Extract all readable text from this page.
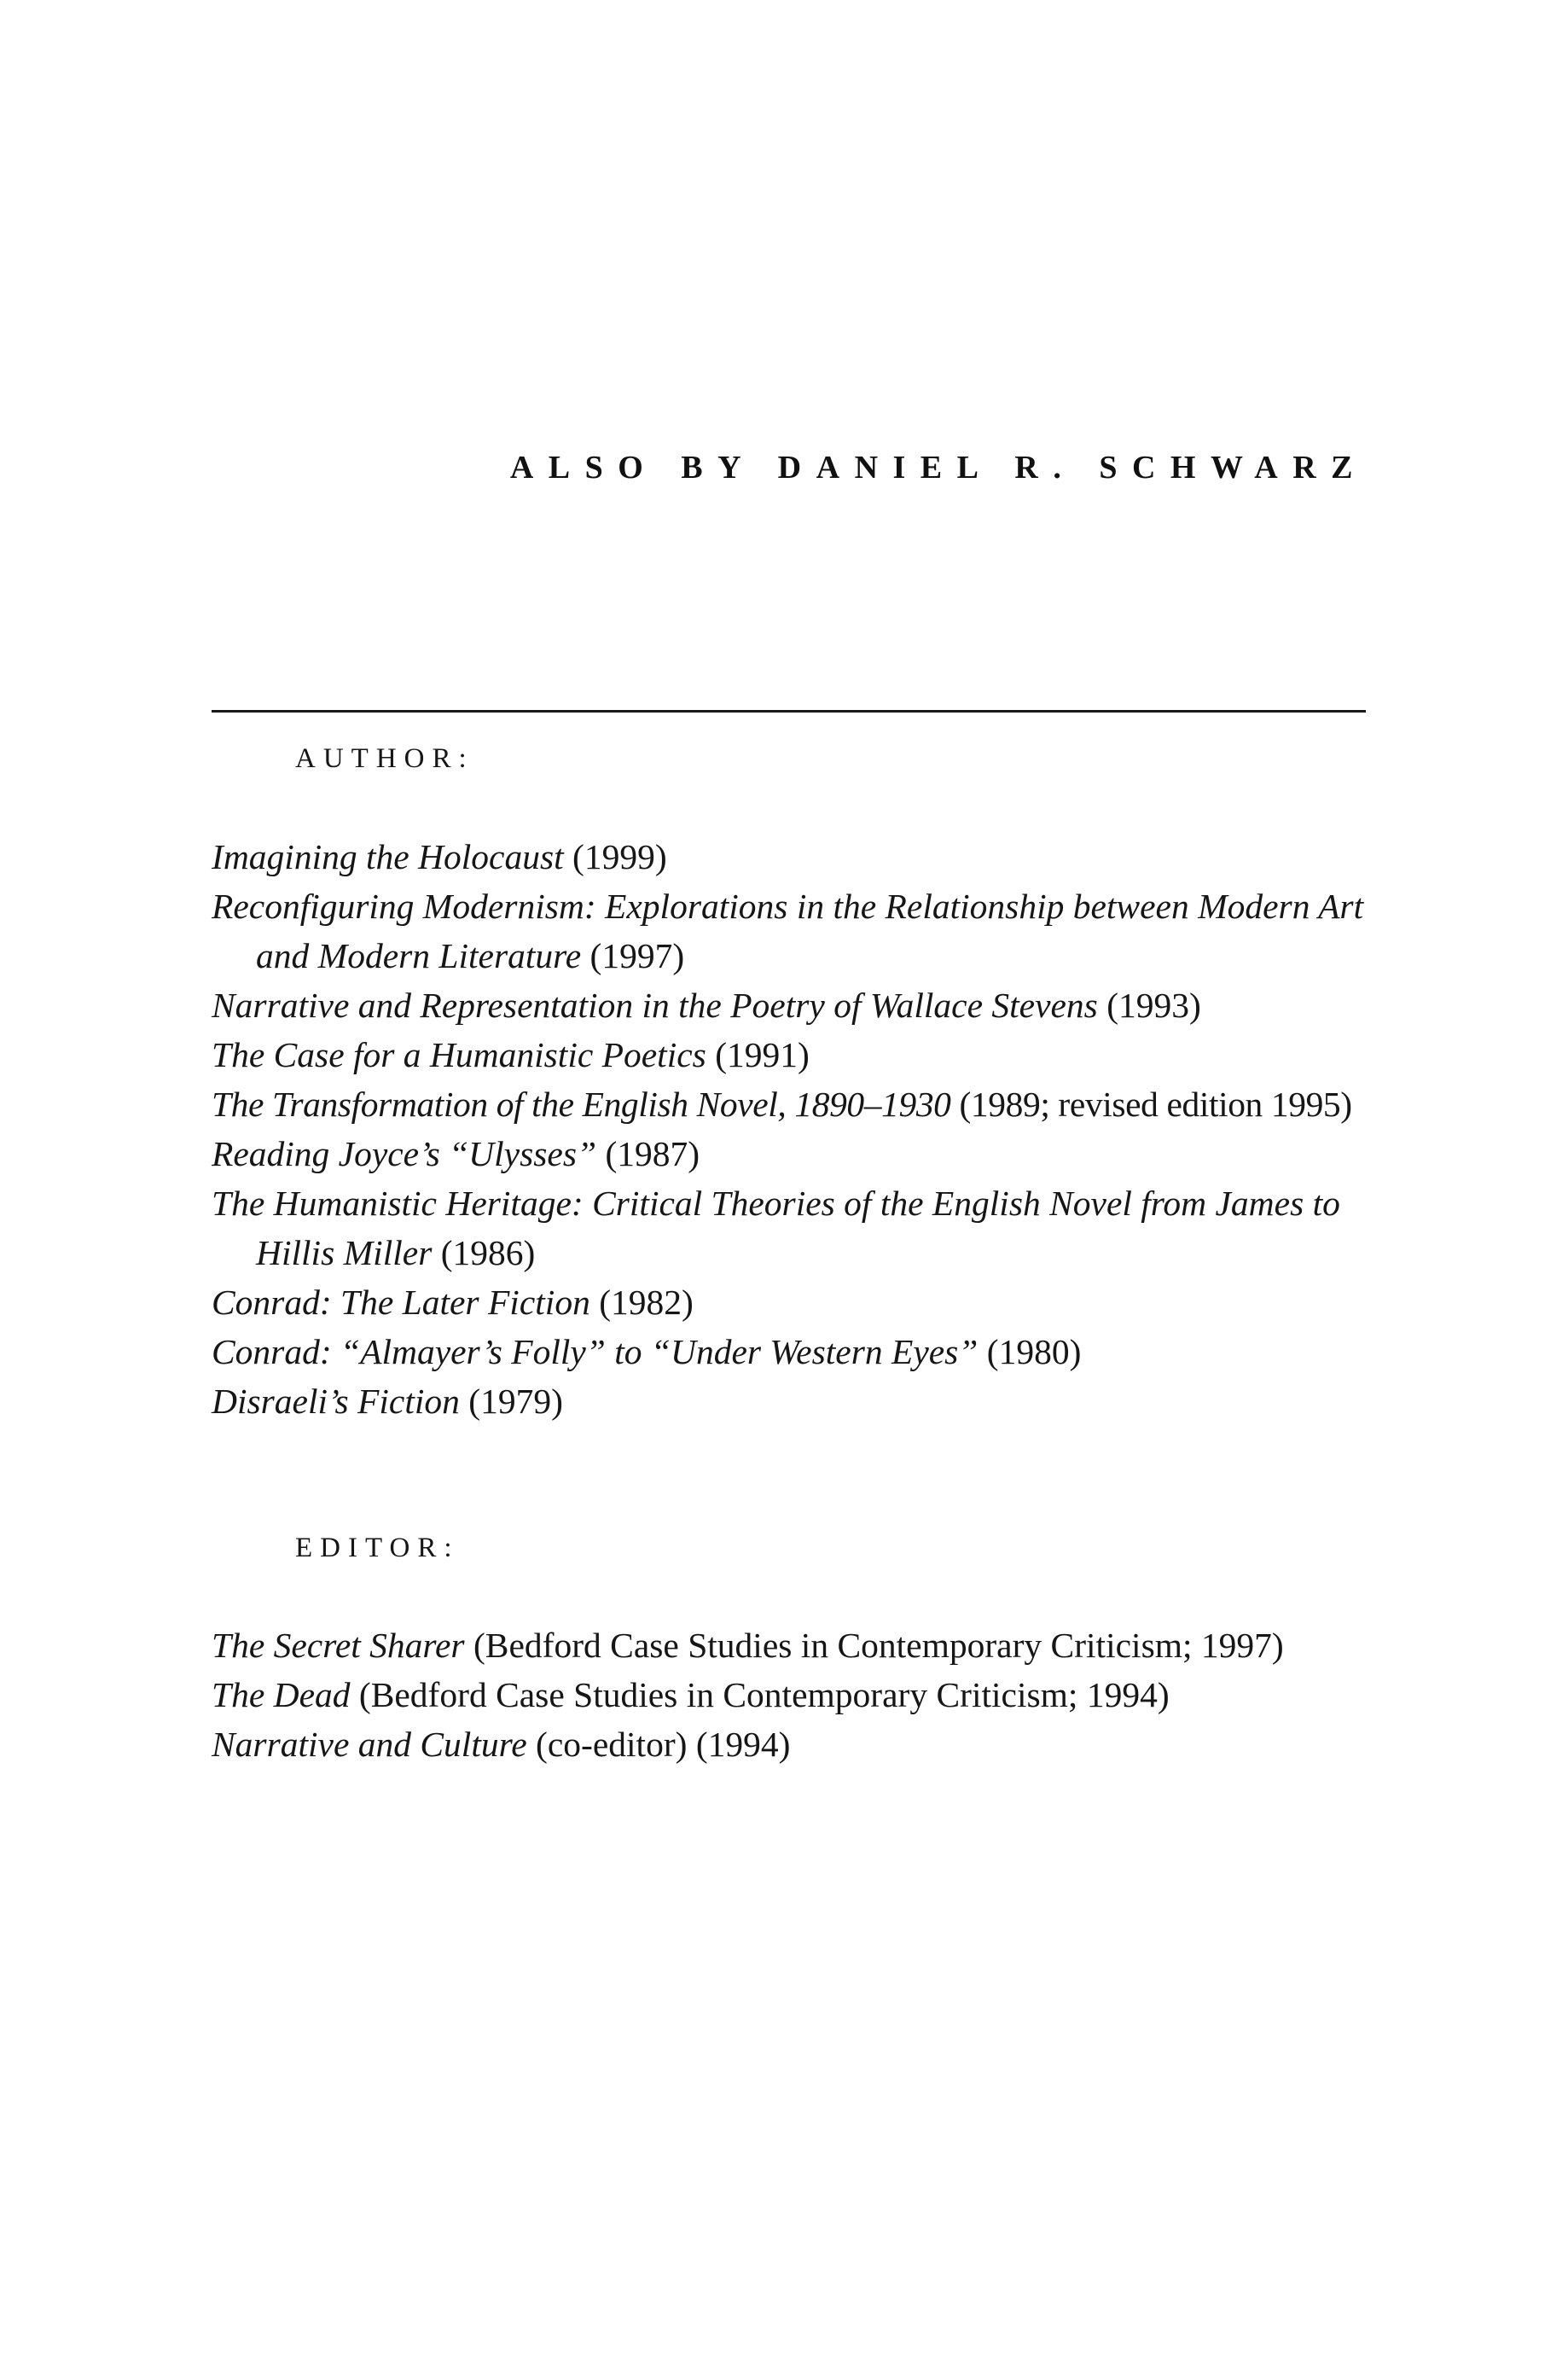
ALSO BY DANIEL R. SCHWARZ
AUTHOR:
Imagining the Holocaust (1999)
Reconfiguring Modernism: Explorations in the Relationship between Modern Art and Modern Literature (1997)
Narrative and Representation in the Poetry of Wallace Stevens (1993)
The Case for a Humanistic Poetics (1991)
The Transformation of the English Novel, 1890–1930 (1989; revised edition 1995)
Reading Joyce’s “Ulysses” (1987)
The Humanistic Heritage: Critical Theories of the English Novel from James to Hillis Miller (1986)
Conrad: The Later Fiction (1982)
Conrad: “Almayer’s Folly” to “Under Western Eyes” (1980)
Disraeli’s Fiction (1979)
EDITOR:
The Secret Sharer (Bedford Case Studies in Contemporary Criticism; 1997)
The Dead (Bedford Case Studies in Contemporary Criticism; 1994)
Narrative and Culture (co-editor) (1994)
